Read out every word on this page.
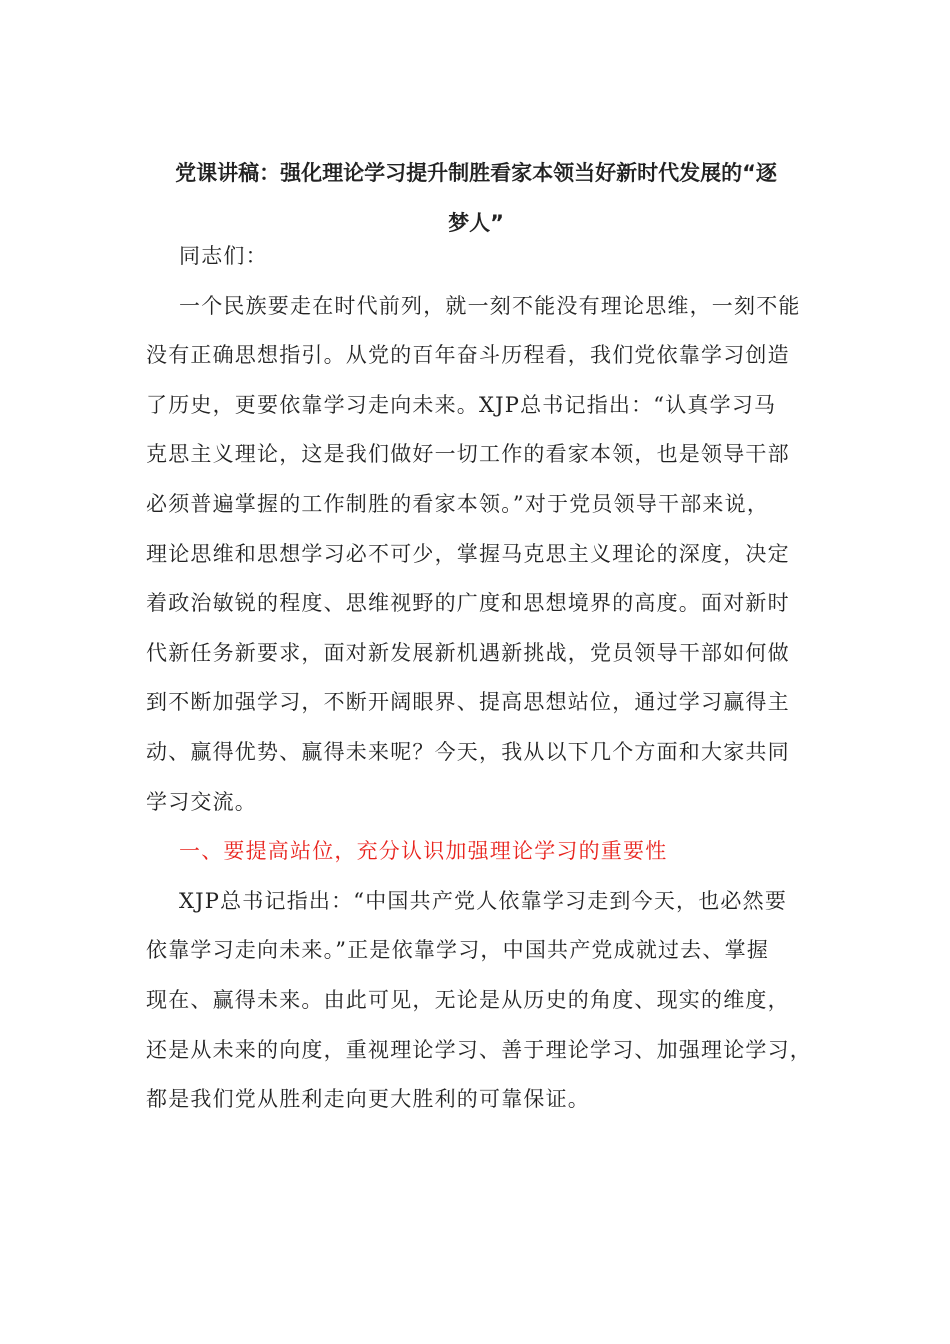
党课讲稿：强化理论学习提升制胜看家本领当好新时代发展的“逐
梦人”
同志们：
一个民族要走在时代前列，就一刻不能没有理论思维，一刻不能
没有正确思想指引。从党的百年奋斗历程看，我们党依靠学习创造
了历史，更要依靠学习走向未来。XJP总书记指出：“认真学习马
克思主义理论，这是我们做好一切工作的看家本领，也是领导干部
必须普遍掌握的工作制胜的看家本领。”对于党员领导干部来说，
理论思维和思想学习必不可少，掌握马克思主义理论的深度，决定
着政治敏锐的程度、思维视野的广度和思想境界的高度。面对新时
代新任务新要求，面对新发展新机遇新挑战，党员领导干部如何做
到不断加强学习，不断开阔眼界、提高思想站位，通过学习赢得主
动、赢得优势、赢得未来呢？今天，我从以下几个方面和大家共同
学习交流。
一、要提高站位，充分认识加强理论学习的重要性
XJP总书记指出：“中国共产党人依靠学习走到今天，也必然要
依靠学习走向未来。”正是依靠学习，中国共产党成就过去、掌握
现在、赢得未来。由此可见，无论是从历史的角度、现实的维度，
还是从未来的向度，重视理论学习、善于理论学习、加强理论学习，
都是我们党从胜利走向更大胜利的可靠保证。
